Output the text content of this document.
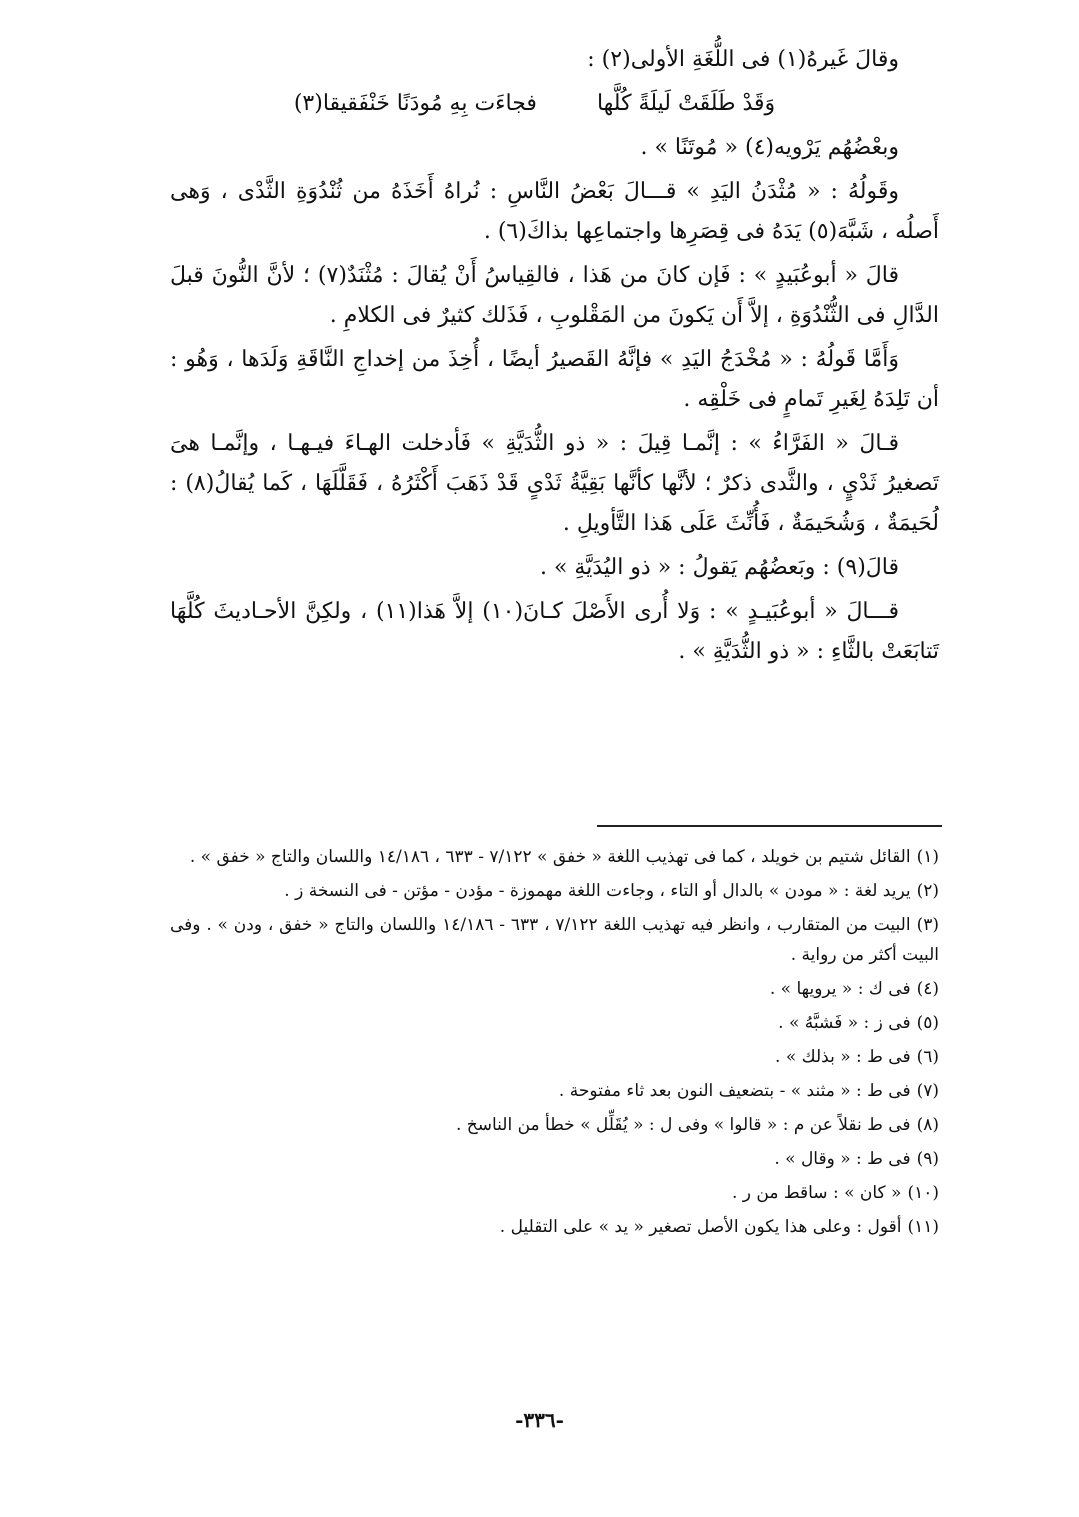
وقالَ غَيرهُ(١) فى اللُّغَةِ الأولى(٢) :

وَقَدْ طَلَقَتْ لَيلَةً كُلَّها
فجاءَت بِهِ مُودَنًا خَنْفَقيقا(٣)

وبعْضُهُم يَرْويه(٤) « مُوتَنًا » .

وقَولُهُ : « مُثْدَنُ اليَدِ » قـــالَ بَعْضُ النَّاسِ : نُراهُ أَخَذَهُ من ثُنْدُوَةِ الثَّدْى ، وَهى أَصلُه ، شَبَّهَ(٥) يَدَهُ فى قِصَرِها واجتماعِها بذاكَ(٦) .

قالَ « أبوعُبَيدٍ » : فَإن كانَ من هَذا ، فالقِياسُ أَنْ يُقالَ : مُثْنَدٌ(٧) ؛ لأنَّ النُّونَ قبلَ الدَّالِ فى الثُّنْدُوَةِ ، إلاَّ أَن يَكونَ من المَقْلوبِ ، فَذَلك كثيرٌ فى الكلامِ .

وَأَمَّا قَولُهُ : « مُخْدَجُ اليَدِ » فإنَّهُ القَصيرُ أيضًا ، أُخِذَ من إخداجِ النَّاقَةِ وَلَدَها ، وَهُو : أن تَلِدَهُ لِغَيرِ تَمامٍ فى خَلْقِه .

قـالَ « الفَرَّاءُ » : إنَّمـا قِيلَ : « ذو الثُّدَيَّةِ » فَأدخلت الهـاءَ فيـهـا ، وإنَّمـا هىَ تَصغيرُ ثَدْيٍ ، والثَّدى ذكرٌ ؛ لأنَّها كأنَّها بَقِيَّةُ ثَدْىٍ قَدْ ذَهَبَ أَكْثَرُهُ ، فَقَلَّلَهَا ، كَما يُقالُ(٨) : لُحَيمَةٌ ، وَشُحَيمَةٌ ، فَأُنِّثَ عَلَى هَذا التَّأويلِ .

قالَ(٩) : وبَعضُهُم يَقولُ : « ذو اليُدَيَّةِ » .

قـــالَ « أبوعُبَيـدٍ » : وَلا أُرى الأَصْلَ كـانَ(١٠) إلاَّ هَذا(١١) ، ولكِنَّ الأحـاديثَ كُلَّهَا تَتابَعَتْ بالثَّاءِ : « ذو الثُّدَيَّةِ » .

(١)القائل شتيم بن خويلد ، كما فى تهذيب اللغة « خفق » ٧/١٢٢ - ٦٣٣ ، ١٤/١٨٦ واللسان والتاج « خفق » .
(٢)يريد لغة : « مودن » بالدال أو التاء ، وجاءت اللغة مهموزة - مؤدن - مؤتن - فى النسخة ز .
(٣)البيت من المتقارب ، وانظر فيه تهذيب اللغة ٧/١٢٢ ، ٦٣٣ - ١٤/١٨٦ واللسان والتاج « خفق ، ودن » . وفى البيت أكثر من رواية .
(٤)فى ك : « يرويها » .
(٥)فى ز : « فَشبَّهُ » .
(٦)فى ط : « بذلك » .
(٧)فى ط : « مثند » - بتضعيف النون بعد ثاء مفتوحة .
(٨)فى ط نقلاً عن م : « قالوا » وفى ل : « يُقَلِّل » خطأ من الناسخ .
(٩)فى ط : « وقال » .
(١٠)« كان » : ساقط من ر .
(١١)أقول : وعلى هذا يكون الأصل تصغير « يد » على التقليل .
-٣٣٦-
